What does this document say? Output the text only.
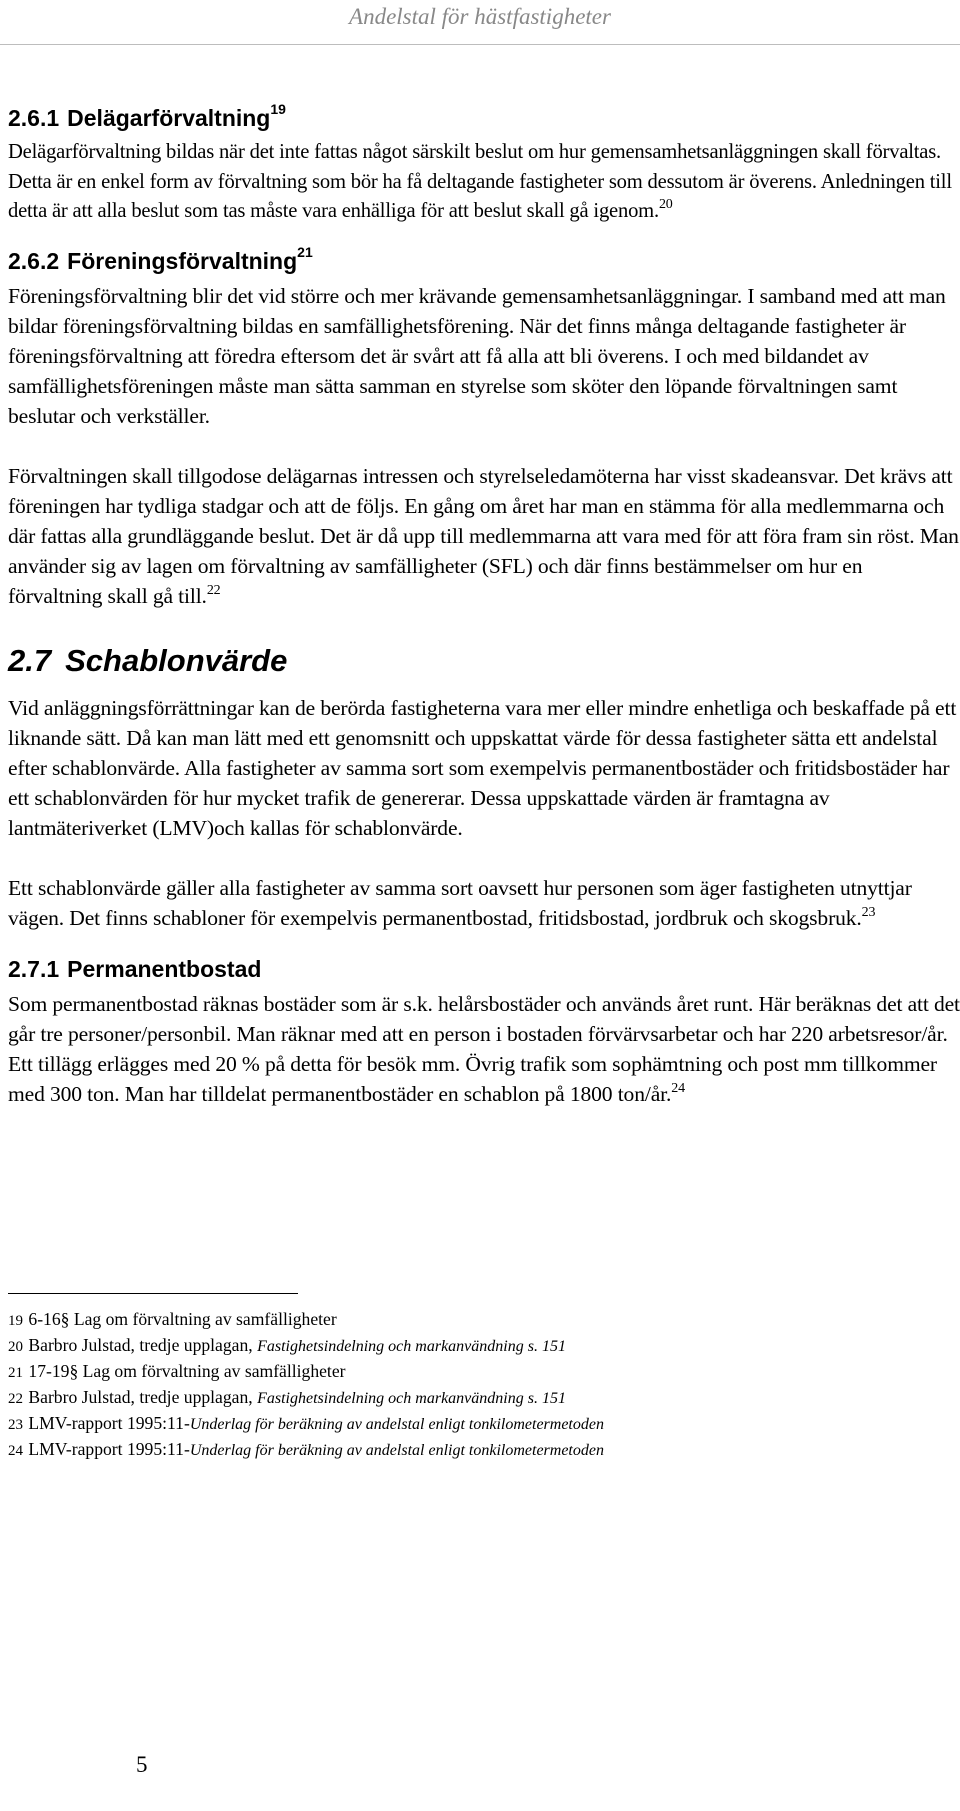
Andelstal för hästfastigheter
2.6.1 Delägarförvaltning$^{19}$

Delägarförvaltning bildas när det inte fattas något särskilt beslut om hur gemensamhetsanläggningen skall förvaltas. Detta är en enkel form av förvaltning som bör ha få deltagande fastigheter som dessutom är överens. Anledningen till detta är att alla beslut som tas måste vara enhälliga för att beslut skall gå igenom.$^{20}$

2.6.2 Föreningsförvaltning$^{21}$

Föreningsförvaltning blir det vid större och mer krävande gemensamhetsanläggningar. I samband med att man bildar föreningsförvaltning bildas en samfällighetsförening. När det finns många deltagande fastigheter är föreningsförvaltning att föredra eftersom det är svårt att få alla att bli överens. I och med bildandet av samfällighetsföreningen måste man sätta samman en styrelse som sköter den löpande förvaltningen samt beslutar och verkställer.

Förvaltningen skall tillgodose delägarnas intressen och styrelseledamöterna har visst skadeansvar. Det krävs att föreningen har tydliga stadgar och att de följs. En gång om året har man en stämma för alla medlemmarna och där fattas alla grundläggande beslut. Det är då upp till medlemmarna att vara med för att föra fram sin röst. Man använder sig av lagen om förvaltning av samfälligheter (SFL) och där finns bestämmelser om hur en förvaltning skall gå till.$^{22}$

2.7 Schablonvärde

Vid anläggningsförrättningar kan de berörda fastigheterna vara mer eller mindre enhetliga och beskaffade på ett liknande sätt. Då kan man lätt med ett genomsnitt och uppskattat värde för dessa fastigheter sätta ett andelstal efter schablonvärde. Alla fastigheter av samma sort som exempelvis permanentbostäder och fritidsbostäder har ett schablonvärden för hur mycket trafik de genererar. Dessa uppskattade värden är framtagna av lantmäteriverket (LMV)och kallas för schablonvärde.

Ett schablonvärde gäller alla fastigheter av samma sort oavsett hur personen som äger fastigheten utnyttjar vägen. Det finns schabloner för exempelvis permanentbostad, fritidsbostad, jordbruk och skogsbruk.$^{23}$

2.7.1 Permanentbostad

Som permanentbostad räknas bostäder som är s.k. helårsbostäder och används året runt. Här beräknas det att det går tre personer/personbil. Man räknar med att en person i bostaden förvärvsarbetar och har 220 arbetsresor/år. Ett tillägg erlägges med 20 % på detta för besök mm. Övrig trafik som sophämtning och post mm tillkommer med 300 ton. Man har tilldelat permanentbostäder en schablon på 1800 ton/år.$^{24}$

19 6-16§ Lag om förvaltning av samfälligheter
20 Barbro Julstad, tredje upplagan, Fastighetsindelning och markanvändning s. 151
21 17-19§ Lag om förvaltning av samfälligheter
22 Barbro Julstad, tredje upplagan, Fastighetsindelning och markanvändning s. 151
23 LMV-rapport 1995:11-Underlag för beräkning av andelstal enligt tonkilometermetoden
24 LMV-rapport 1995:11-Underlag för beräkning av andelstal enligt tonkilometermetoden
5
